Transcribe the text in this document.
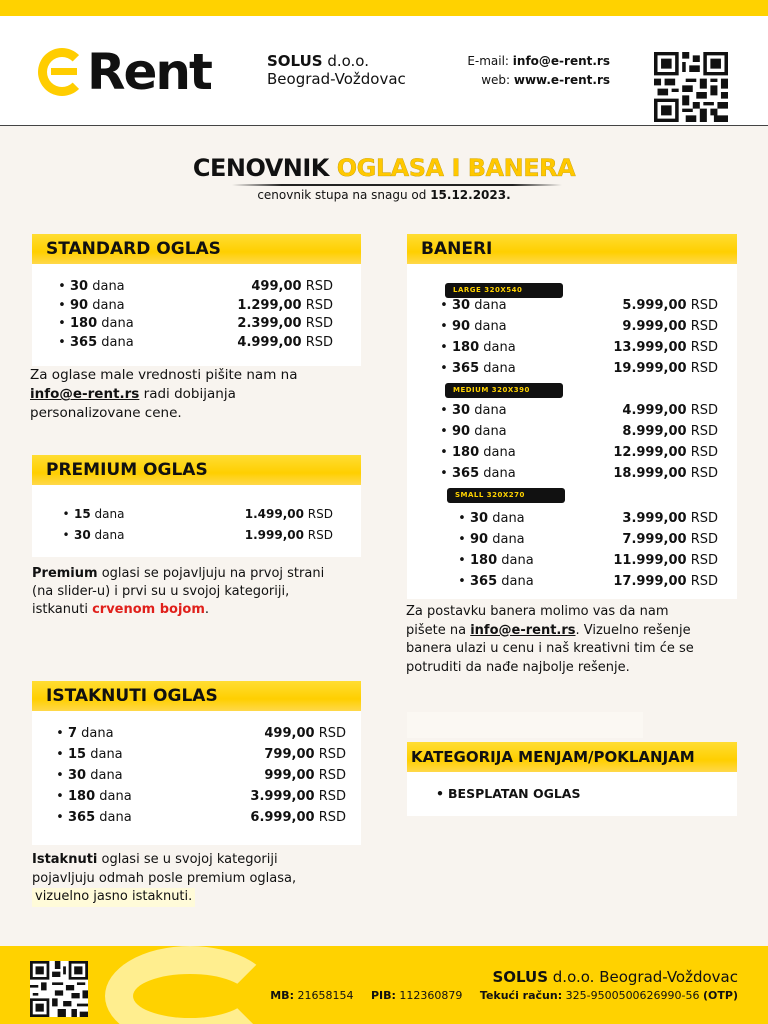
Rent	SOLUS d.o.o.
Beograd-Voždovac
E-mail: info@e-rent.rs
web: www.e-rent.rs
CENOVNIK OGLASA I BANERA
cenovnik stupa na snagu od 15.12.2023.
STANDARD OGLAS
• 30 dana	499,00 RSD
• 90 dana	1.299,00 RSD
• 180 dana	2.399,00 RSD
• 365 dana	4.999,00 RSD
Za oglase male vrednosti pišite nam na
info@e-rent.rs radi dobijanja
personalizovane cene.
PREMIUM OGLAS
• 15 dana	1.499,00 RSD
• 30 dana	1.999,00 RSD
Premium oglasi se pojavljuju na prvoj strani
(na slider-u) i prvi su u svojoj kategoriji,
istkanuti crvenom bojom.
ISTAKNUTI OGLAS
• 7 dana	499,00 RSD
• 15 dana	799,00 RSD
• 30 dana	999,00 RSD
• 180 dana	3.999,00 RSD
• 365 dana	6.999,00 RSD
Istaknuti oglasi se u svojoj kategoriji
pojavljuju odmah posle premium oglasa,
vizuelno jasno istaknuti.
BANERI
LARGE 320X540
• 30 dana	5.999,00 RSD
• 90 dana	9.999,00 RSD
• 180 dana	13.999,00 RSD
• 365 dana	19.999,00 RSD
MEDIUM 320X390
• 30 dana	4.999,00 RSD
• 90 dana	8.999,00 RSD
• 180 dana	12.999,00 RSD
• 365 dana	18.999,00 RSD
SMALL 320X270
• 30 dana	3.999,00 RSD
• 90 dana	7.999,00 RSD
• 180 dana	11.999,00 RSD
• 365 dana	17.999,00 RSD
Za postavku banera molimo vas da nam
pišete na info@e-rent.rs. Vizuelno rešenje
banera ulazi u cenu i naš kreativni tim će se
potruditi da nađe najbolje rešenje.
KATEGORIJA MENJAM/POKLANJAM
• BESPLATAN OGLAS
SOLUS d.o.o. Beograd-Voždovac
MB: 21658154 PIB: 112360879 Tekući račun: 325-9500500626990-56 (OTP)
